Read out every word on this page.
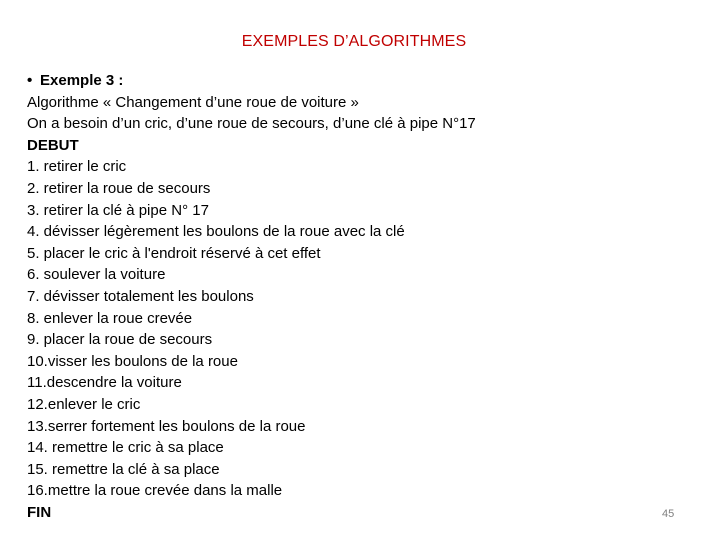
EXEMPLES D’ALGORITHMES
• Exemple 3 :
Algorithme « Changement d’une roue de voiture »
On a besoin d’un cric, d’une roue de secours, d’une clé à pipe N°17
DEBUT
1. retirer le cric
2. retirer la roue de secours
3. retirer la clé à pipe N° 17
4. dévisser légèrement les boulons de la roue avec la clé
5. placer le cric à l'endroit réservé à cet effet
6. soulever la voiture
7. dévisser totalement les boulons
8. enlever la roue crevée
9. placer la roue de secours
10.visser les boulons de la roue
11.descendre la voiture
12.enlever le cric
13.serrer fortement les boulons de la roue
14. remettre le cric à sa place
15. remettre la clé à sa place
16.mettre la roue crevée dans la malle
FIN	45
